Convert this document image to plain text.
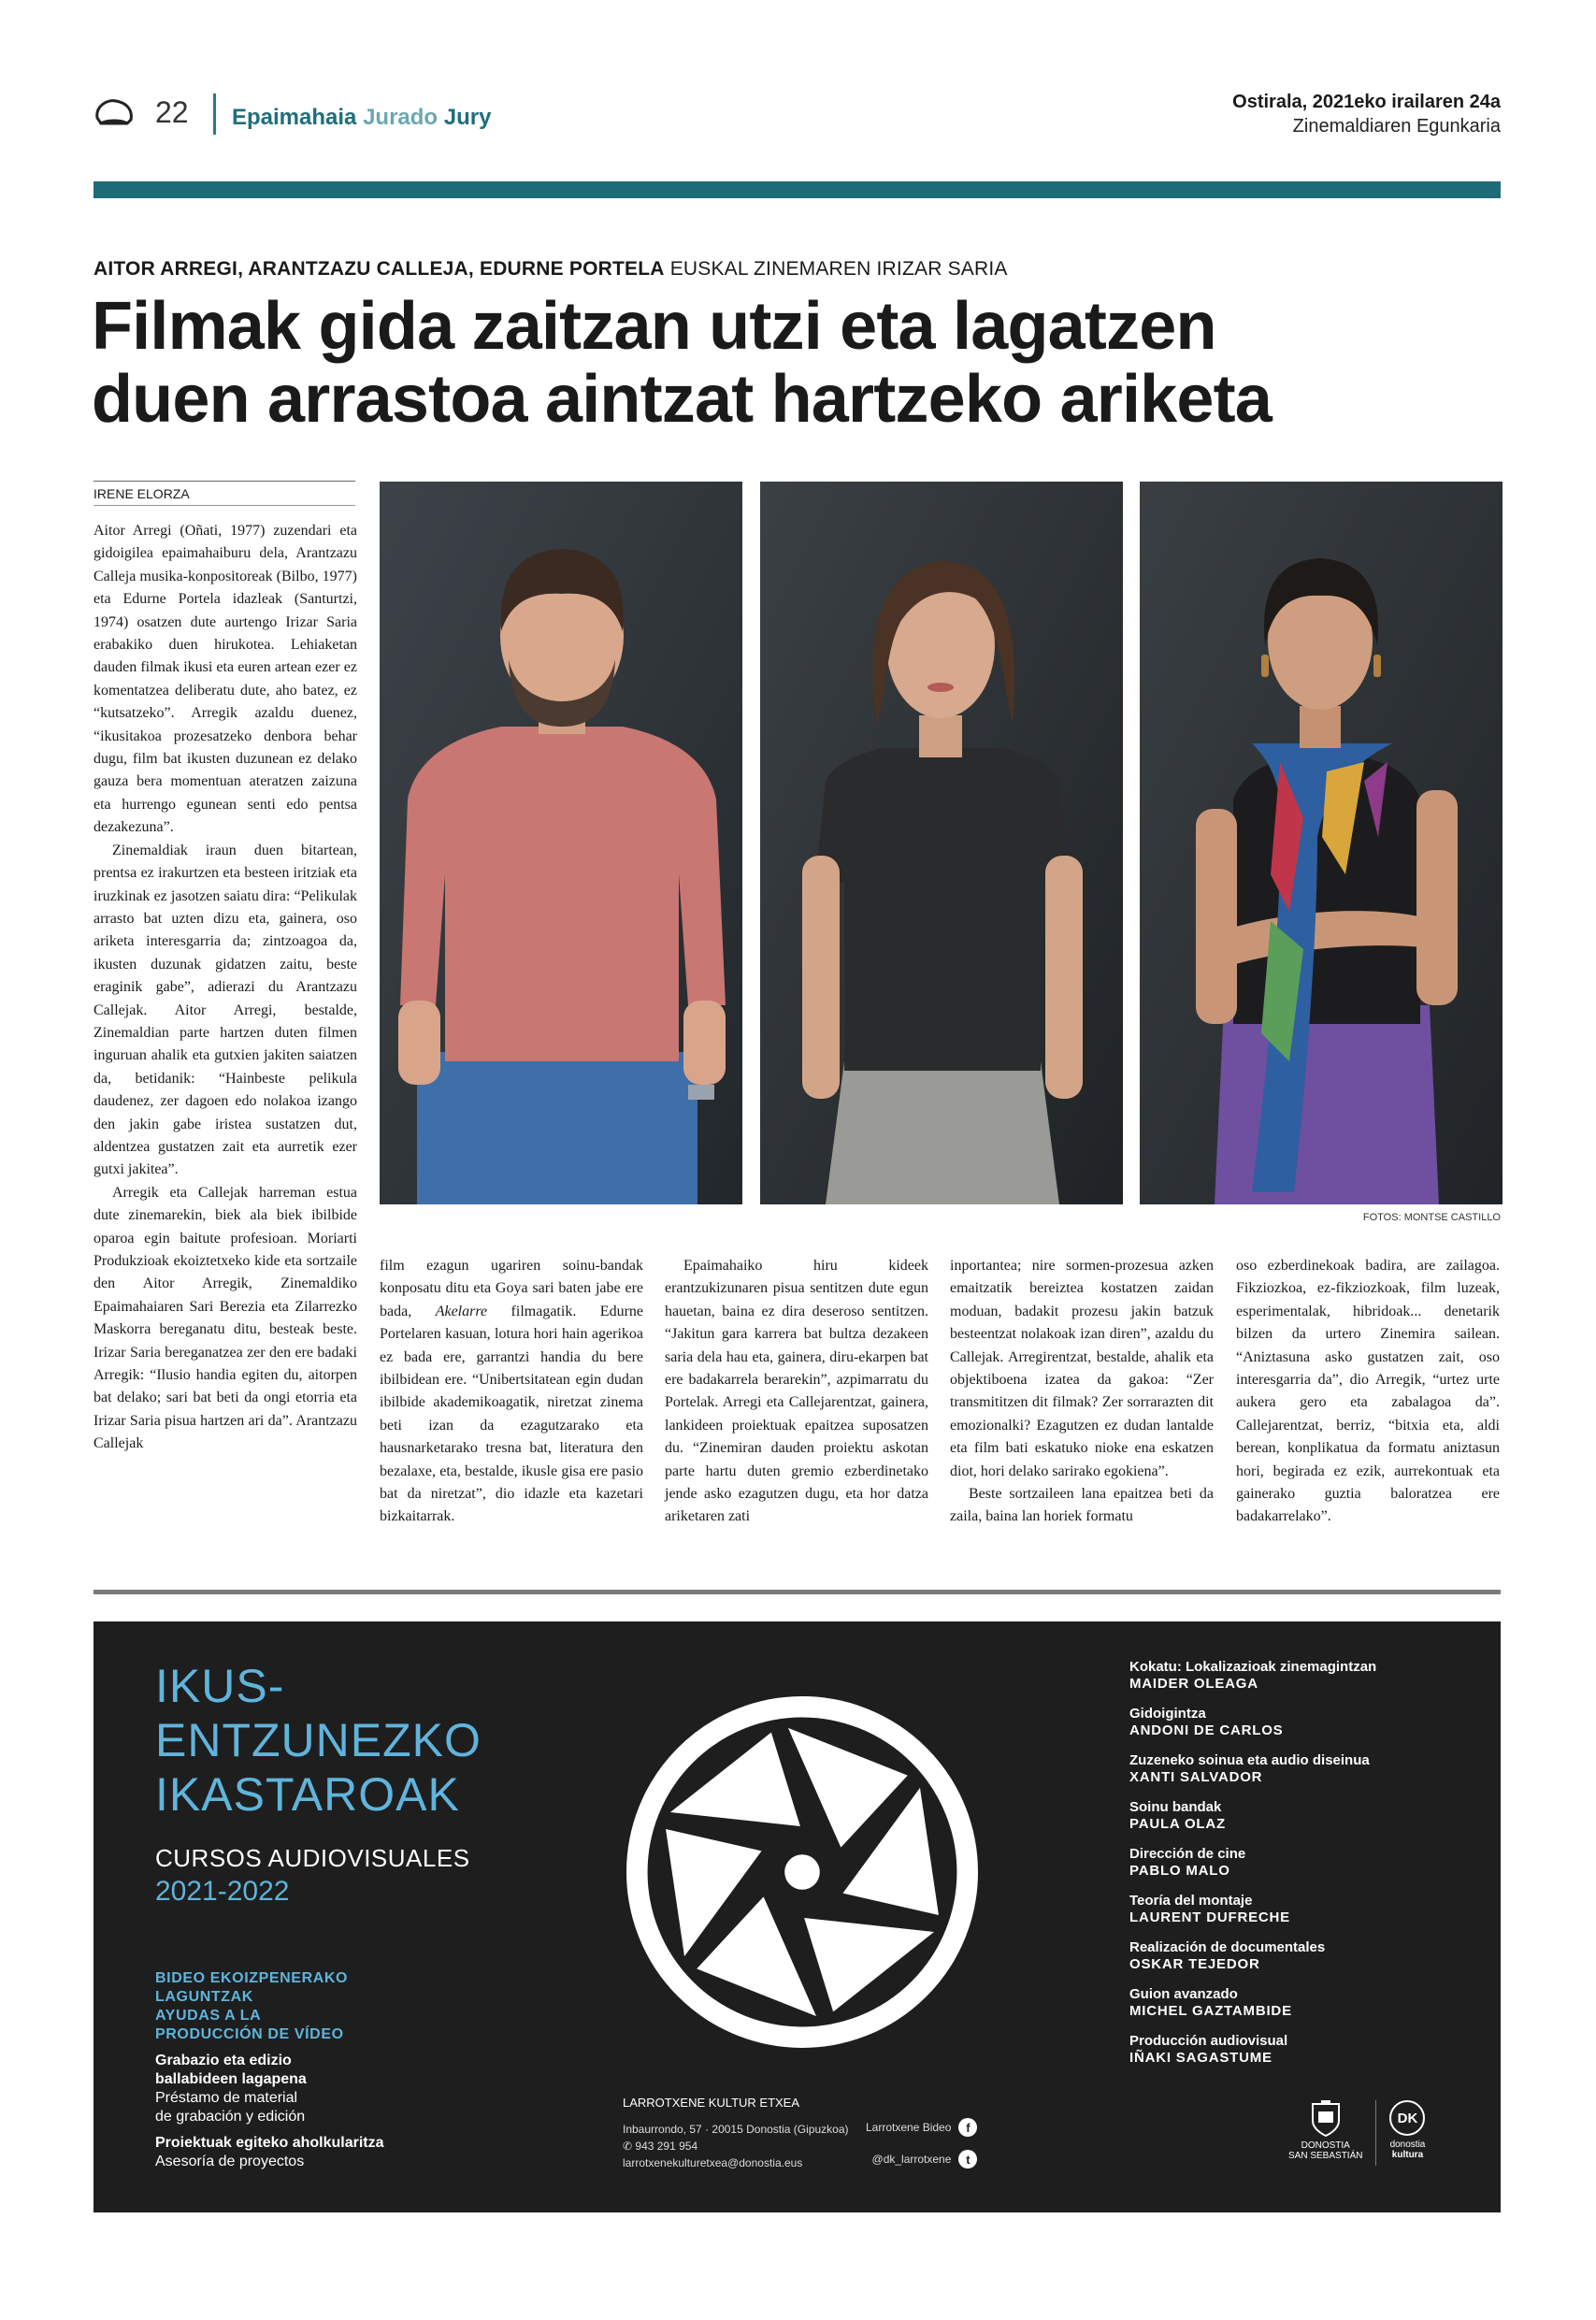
22 Epaimahaia Jurado Jury
Ostirala, 2021eko irailaren 24a
Zinemaldiaren Egunkaria
AITOR ARREGI, ARANTZAZU CALLEJA, EDURNE PORTELA EUSKAL ZINEMAREN IRIZAR SARIA
Filmak gida zaitzan utzi eta lagatzen
duen arrastoa aintzat hartzeko ariketa
IRENE ELORZA

Aitor Arregi (Oñati, 1977) zuzendari eta gidoigilea epaimahaiburu dela, Arantzazu Calleja musika-konpositoreak (Bilbo, 1977) eta Edurne Portela idazleak (Santurtzi, 1974) osatzen dute aurtengo Irizar Saria erabakiko duen hirukotea. Lehiaketan dauden filmak ikusi eta euren artean ezer ez komentatzea deliberatu dute, aho batez, ez “kutsatzeko”. Arregik azaldu duenez, “ikusitakoa prozesatzeko denbora behar dugu, film bat ikusten duzunean ez delako gauza bera momentuan ateratzen zaizuna eta hurrengo egunean senti edo pentsa dezakezuna”.

Zinemaldiak iraun duen bitartean, prentsa ez irakurtzen eta besteen iritziak eta iruzkinak ez jasotzen saiatu dira: “Pelikulak arrasto bat uzten dizu eta, gainera, oso ariketa interesgarria da; zintzoagoa da, ikusten duzunak gidatzen zaitu, beste eraginik gabe”, adierazi du Arantzazu Callejak. Aitor Arregi, bestalde, Zinemaldian parte hartzen duten filmen inguruan ahalik eta gutxien jakiten saiatzen da, betidanik: “Hainbeste pelikula daudenez, zer dagoen edo nolakoa izango den jakin gabe iristea sustatzen dut, aldentzea gustatzen zait eta aurretik ezer gutxi jakitea”.

Arregik eta Callejak harreman estua dute zinemarekin, biek ala biek ibilbide oparoa egin baitute profesioan. Moriarti Produkzioak ekoiztetxeko kide eta sortzaile den Aitor Arregik, Zinemaldiko Epaimahaiaren Sari Berezia eta Zilarrezko Maskorra bereganatu ditu, besteak beste. Irizar Saria bereganatzea zer den ere badaki Arregik: “Ilusio handia egiten du, aitorpen bat delako; sari bat beti da ongi etorria eta Irizar Saria pisua hartzen ari da”. Arantzazu Callejak

FOTOS: MONTSE CASTILLO

film ezagun ugariren soinu-bandak konposatu ditu eta Goya sari baten jabe ere bada, Akelarre filmagatik. Edurne Portelaren kasuan, lotura hori hain agerikoa ez bada ere, garrantzi handia du bere ibilbidean ere. “Unibertsitatean egin dudan ibilbide akademikoagatik, niretzat zinema beti izan da ezagutzarako eta hausnarketarako tresna bat, literatura den bezalaxe, eta, bestalde, ikusle gisa ere pasio bat da niretzat”, dio idazle eta kazetari bizkaitarrak.

Epaimahaiko hiru kideek erantzukizunaren pisua sentitzen dute egun hauetan, baina ez dira deseroso sentitzen. “Jakitun gara karrera bat bultza dezakeen saria dela hau eta, gainera, diru-ekarpen bat ere badakarrela berarekin”, azpimarratu du Portelak. Arregi eta Callejarentzat, gainera, lankideen proiektuak epaitzea suposatzen du. “Zinemiran dauden proiektu askotan parte hartu duten gremio ezberdinetako jende asko ezagutzen dugu, eta hor datza ariketaren zati

inportantea; nire sormen-prozesua azken emaitzatik bereiztea kostatzen zaidan moduan, badakit prozesu jakin batzuk besteentzat nolakoak izan diren”, azaldu du Callejak. Arregirentzat, bestalde, ahalik eta objektiboena izatea da gakoa: “Zer transmititzen dit filmak? Zer sorrarazten dit emozionalki? Ezagutzen ez dudan lantalde eta film bati eskatuko nioke ena eskatzen diot, hori delako sarirako egokiena”.

Beste sortzaileen lana epaitzea beti da zaila, baina lan horiek formatu

oso ezberdinekoak badira, are zailagoa. Fikziozkoa, ez-fikziozkoak, film luzeak, esperimentalak, hibridoak... denetarik bilzen da urtero Zinemira sailean. “Aniztasuna asko gustatzen zait, oso interesgarria da”, dio Arregik, “urtez urte aukera gero eta zabalagoa da”. Callejarentzat, berriz, “bitxia eta, aldi berean, konplikatua da formatu aniztasun hori, begirada ez ezik, aurrekontuak eta gainerako guztia baloratzea ere badakarrelako”.

IKUS-
ENTZUNEZKO
IKASTAROAK
CURSOS AUDIOVISUALES
2021-2022
BIDEO EKOIZPENERAKO
LAGUNTZAK
AYUDAS A LA
PRODUCCIÓN DE VÍDEO
Grabazio eta edizio
ballabideen lagapena
Préstamo de material
de grabación y edición
Proiektuak egiteko aholkularitza
Asesoría de proyectos
LARROTXENE KULTUR ETXEA
Inbaurrondo, 57 · 20015 Donostia (Gipuzkoa)
✆ 943 291 954
larrotxenekulturetxea@donostia.eus
Larrotxene Bideo	f
@dk_larrotxene	t
Kokatu: Lokalizazioak zinemagintzan
MAIDER OLEAGA
Gidoigintza
ANDONI DE CARLOS
Zuzeneko soinua eta audio diseinua
XANTI SALVADOR
Soinu bandak
PAULA OLAZ
Dirección de cine
PABLO MALO
Teoría del montaje
LAURENT DUFRECHE
Realización de documentales
OSKAR TEJEDOR
Guion avanzado
MICHEL GAZTAMBIDE
Producción audiovisual
IÑAKI SAGASTUME
DONOSTIA
SAN SEBASTIÁN
DK
donostia
kultura
